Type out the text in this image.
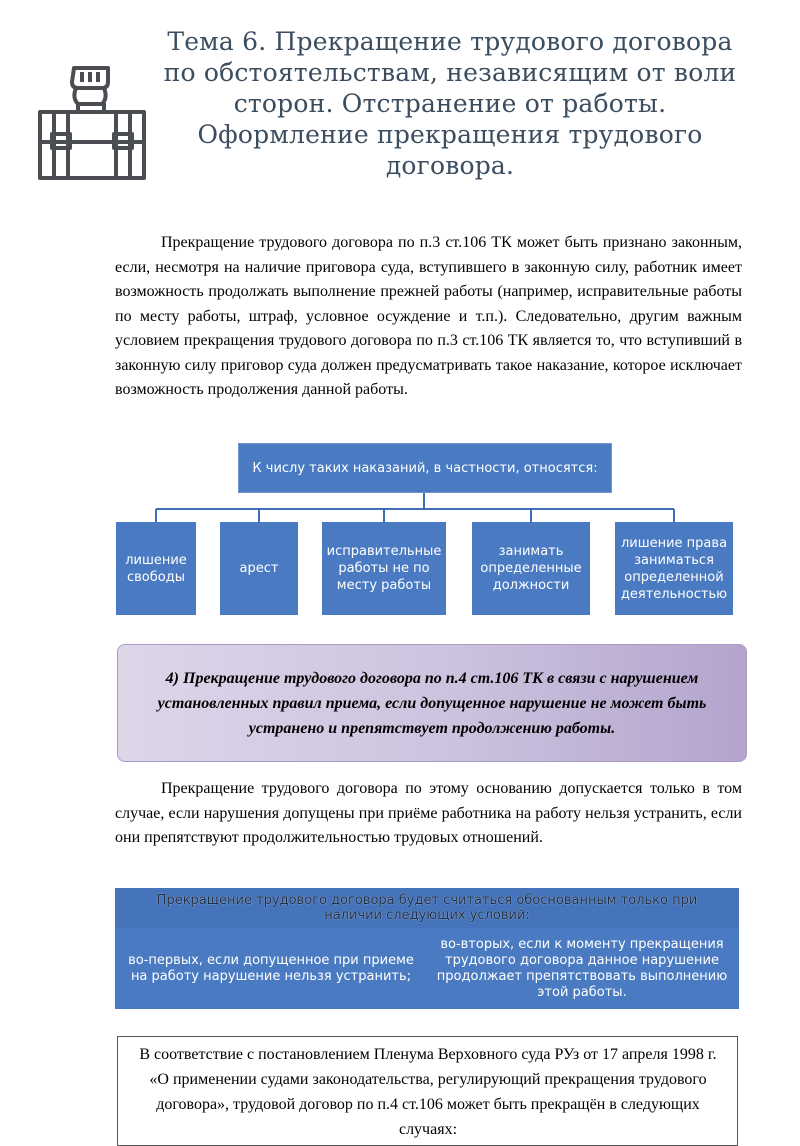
Тема 6. Прекращение трудового договора по обстоятельствам, независящим от воли сторон. Отстранение от работы. Оформление прекращения трудового договора.
Прекращение трудового договора по п.3 ст.106 ТК может быть признано законным, если, несмотря на наличие приговора суда, вступившего в законную силу, работник имеет возможность продолжать выполнение прежней работы (например, исправительные работы по месту работы, штраф, условное осуждение и т.п.). Следовательно, другим важным условием прекращения трудового договора по п.3 ст.106 ТК является то, что вступивший в законную силу приговор суда должен предусматривать такое наказание, которое исключает возможность продолжения данной работы.
К числу таких наказаний, в частности, относятся:
лишение свободы
арест
исправительные работы не по месту работы
занимать определенные должности
лишение права заниматься определенной деятельностью
4) Прекращение трудового договора по п.4 ст.106 ТК в связи с нарушением установленных правил приема, если допущенное нарушение не может быть устранено и препятствует продолжению работы.
Прекращение трудового договора по этому основанию допускается только в том случае, если нарушения допущены при приёме работника на работу нельзя устранить, если они препятствуют продолжительностью трудовых отношений.
Прекращение трудового договора будет считаться обоснованным только при наличии следующих условий:
во-первых, если допущенное при приеме на работу нарушение нельзя устранить;
во-вторых, если к моменту прекращения трудового договора данное нарушение продолжает препятствовать выполнению этой работы.
В соответствие с постановлением Пленума Верховного суда РУз от 17 апреля 1998 г. «О применении судами законодательства, регулирующий прекращения трудового договора», трудовой договор по п.4 ст.106 может быть прекращён в следующих случаях:
